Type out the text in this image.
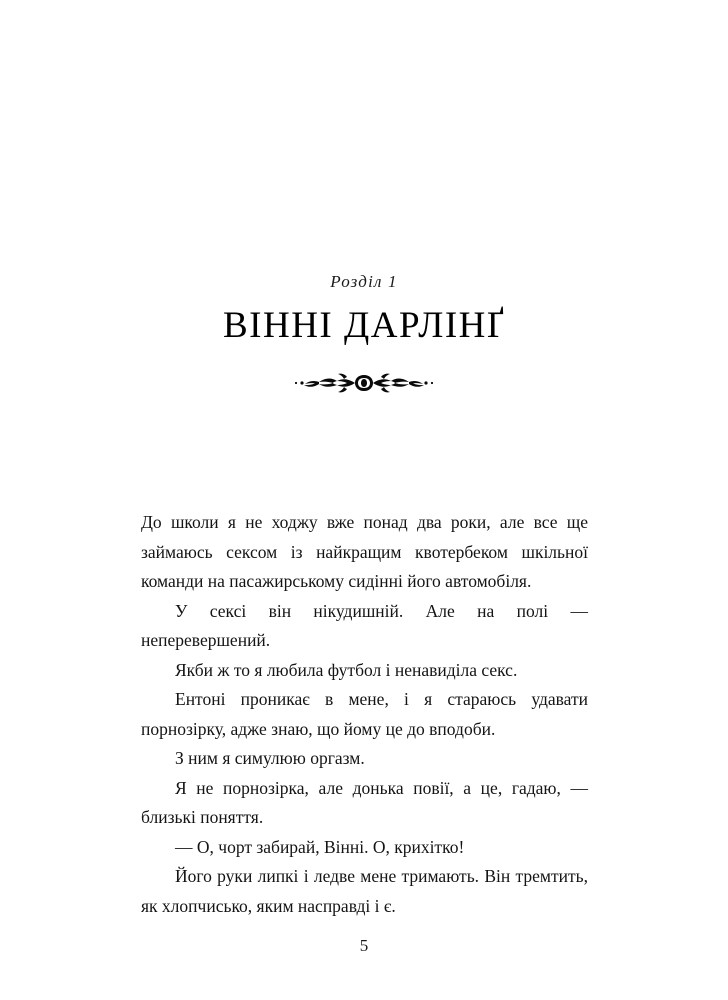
Розділ 1
ВІННІ ДАРЛІНҐ

До школи я не ходжу вже понад два роки, але все ще займаюсь сексом із найкращим квотербеком шкільної команди на пасажирському сидінні його автомобіля.

У сексі він нікудишній. Але на полі — неперевершений.

Якби ж то я любила футбол і ненавиділа секс.

Ентоні проникає в мене, і я стараюсь удавати порнозірку, адже знаю, що йому це до вподоби.

З ним я симулюю оргазм.

Я не порнозірка, але донька повії, а це, гадаю, — близькі поняття.

— О, чорт забирай, Вінні. О, крихітко!

Його руки липкі і ледве мене тримають. Він тремтить, як хлопчисько, яким насправді і є.

5
